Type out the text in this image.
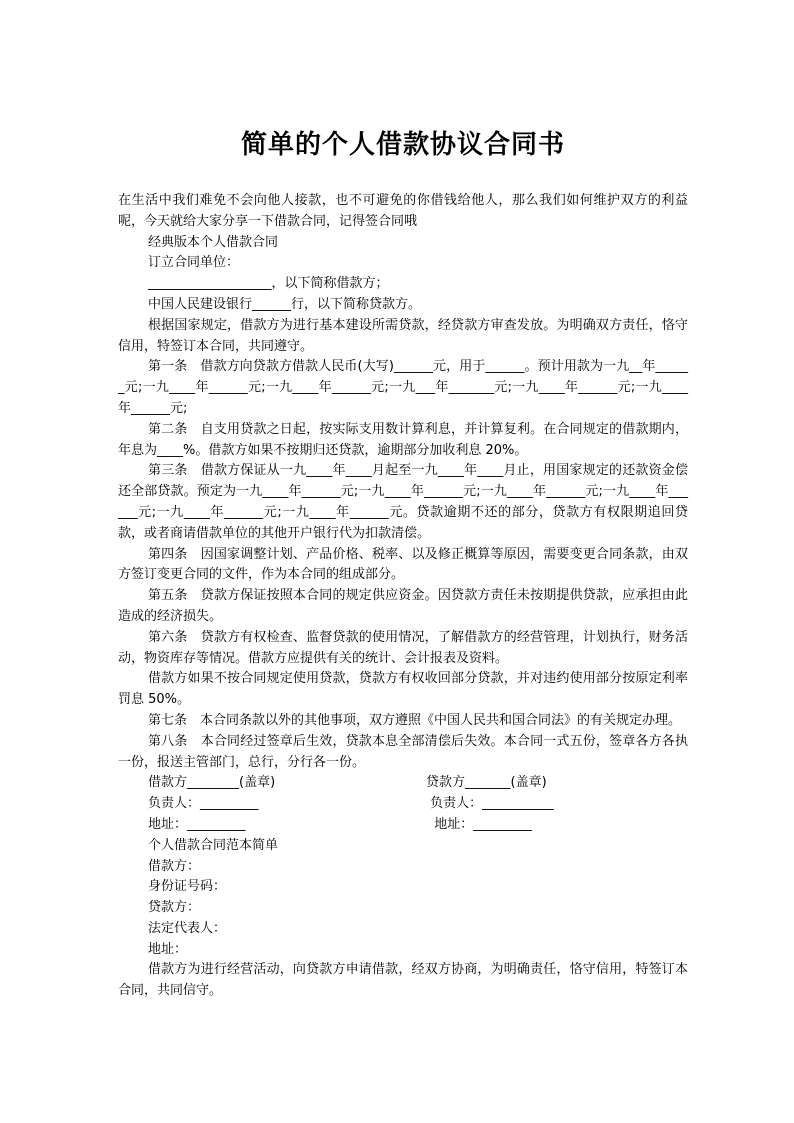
简单的个人借款协议合同书

在生活中我们难免不会向他人接款，也不可避免的你借钱给他人，那么我们如何维护双方的利益呢，今天就给大家分享一下借款合同，记得签合同哦

经典版本个人借款合同

订立合同单位：

___________________，以下简称借款方；

中国人民建设银行______行，以下简称贷款方。

根据国家规定，借款方为进行基本建设所需贷款，经贷款方审查发放。为明确双方责任，恪守信用，特签订本合同，共同遵守。

第一条　借款方向贷款方借款人民币(大写)______元，用于______。预计用款为一九__年______元;一九____年______元;一九____年______元;一九___年_______元;一九____年______元;一九____年______元;

第二条　自支用贷款之日起，按实际支用数计算利息，并计算复利。在合同规定的借款期内，年息为____%。借款方如果不按期归还贷款，逾期部分加收利息 20%。

第三条　借款方保证从一九____年____月起至一九____年____月止，用国家规定的还款资金偿还全部贷款。预定为一九____年______元;一九____年______元;一九____年______元;一九____年______元;一九____年______元;一九____年______元。贷款逾期不还的部分，贷款方有权限期追回贷款，或者商请借款单位的其他开户银行代为扣款清偿。

第四条　因国家调整计划、产品价格、税率、以及修正概算等原因，需要变更合同条款，由双方签订变更合同的文件，作为本合同的组成部分。

第五条　贷款方保证按照本合同的规定供应资金。因贷款方责任未按期提供贷款，应承担由此造成的经济损失。

第六条　贷款方有权检查、监督贷款的使用情况，了解借款方的经营管理，计划执行，财务活动，物资库存等情况。借款方应提供有关的统计、会计报表及资料。

借款方如果不按合同规定使用贷款，贷款方有权收回部分贷款，并对违约使用部分按原定利率罚息 50%。

第七条　本合同条款以外的其他事项，双方遵照《中国人民共和国合同法》的有关规定办理。

第八条　本合同经过签章后生效，贷款本息全部清偿后失效。本合同一式五份，签章各方各执一份，报送主管部门，总行，分行各一份。

借款方________(盖章)	贷款方_______(盖章)
负责人：_________	负责人：___________
地址：_________	地址：_________

个人借款合同范本简单

借款方：

身份证号码：

贷款方：

法定代表人：

地址：

借款方为进行经营活动，向贷款方申请借款，经双方协商，为明确责任，恪守信用，特签订本合同，共同信守。
